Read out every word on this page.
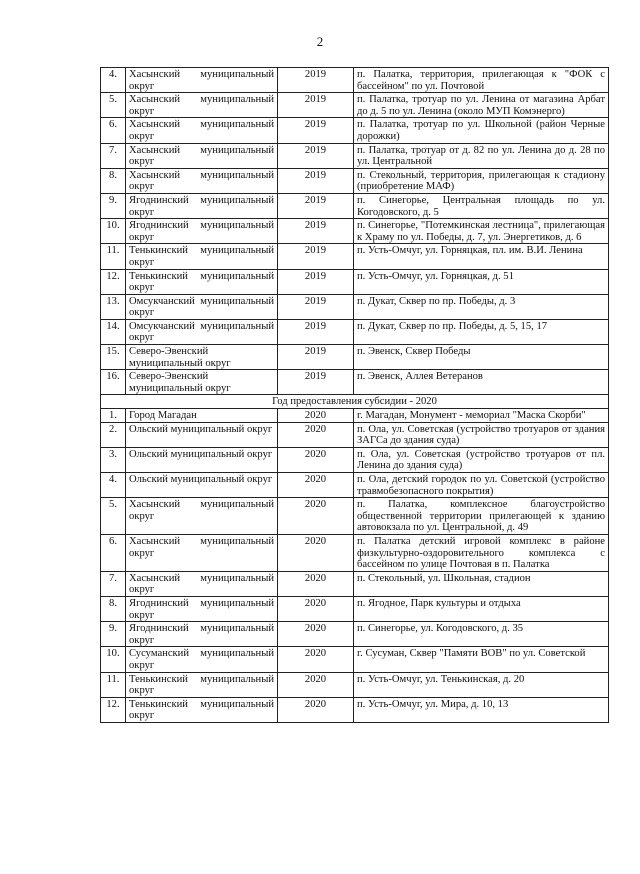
2
4.	Хасынский муниципальный округ	2019	п. Палатка, территория, прилегающая к "ФОК с бассейном" по ул. Почтовой
5.	Хасынский муниципальный округ	2019	п. Палатка, тротуар по ул. Ленина от магазина Арбат до д. 5 по ул. Ленина (около МУП Комэнерго)
6.	Хасынский муниципальный округ	2019	п. Палатка, тротуар по ул. Школьной (район Черные дорожки)
7.	Хасынский муниципальный округ	2019	п. Палатка, тротуар от д. 82 по ул. Ленина до д. 28 по ул. Центральной
8.	Хасынский муниципальный округ	2019	п. Стекольный, территория, прилегающая к стадиону (приобретение МАФ)
9.	Ягоднинский муниципальный округ	2019	п. Синегорье, Центральная площадь по ул. Когодовского, д. 5
10.	Ягоднинский муниципальный округ	2019	п. Синегорье, "Потемкинская лестница", прилегающая к Храму по ул. Победы, д. 7, ул. Энергетиков, д. 6
11.	Тенькинский муниципальный округ	2019	п. Усть-Омчуг, ул. Горняцкая, пл. им. В.И. Ленина
12.	Тенькинский муниципальный округ	2019	п. Усть-Омчуг, ул. Горняцкая, д. 51
13.	Омсукчанский муниципальный округ	2019	п. Дукат, Сквер по пр. Победы, д. 3
14.	Омсукчанский муниципальный округ	2019	п. Дукат, Сквер по пр. Победы, д. 5, 15, 17
15.	Северо-Эвенский муниципальный округ	2019	п. Эвенск, Сквер Победы
16.	Северо-Эвенский муниципальный округ	2019	п. Эвенск, Аллея Ветеранов
Год предоставления субсидии - 2020			
1.	Город Магадан	2020	г. Магадан, Монумент - мемориал "Маска Скорби"
2.	Ольский муниципальный округ	2020	п. Ола, ул. Советская (устройство тротуаров от здания ЗАГСа до здания суда)
3.	Ольский муниципальный округ	2020	п. Ола, ул. Советская (устройство тротуаров от пл. Ленина до здания суда)
4.	Ольский муниципальный округ	2020	п. Ола, детский городок по ул. Советской (устройство травмобезопасного покрытия)
5.	Хасынский муниципальный округ	2020	п. Палатка, комплексное благоустройство общественной территории прилегающей к зданию автовокзала по ул. Центральной, д. 49
6.	Хасынский муниципальный округ	2020	п. Палатка детский игровой комплекс в районе физкультурно-оздоровительного комплекса с бассейном по улице Почтовая в п. Палатка
7.	Хасынский муниципальный округ	2020	п. Стекольный, ул. Школьная, стадион
8.	Ягоднинский муниципальный округ	2020	п. Ягодное, Парк культуры и отдыха
9.	Ягоднинский муниципальный округ	2020	п. Синегорье, ул. Когодовского, д. 35
10.	Сусуманский муниципальный округ	2020	г. Сусуман, Сквер "Памяти ВОВ" по ул. Советской
11.	Тенькинский муниципальный округ	2020	п. Усть-Омчуг, ул. Тенькинская, д. 20
12.	Тенькинский муниципальный округ	2020	п. Усть-Омчуг, ул. Мира, д. 10, 13
